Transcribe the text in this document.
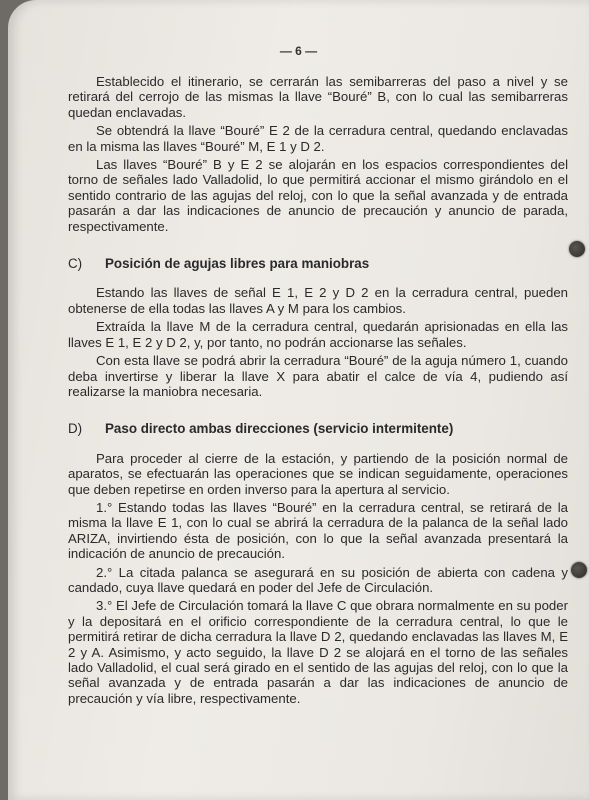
— 6 —

Establecido el itinerario, se cerrarán las semibarreras del paso a nivel y se retirará del cerrojo de las mismas la llave “Bouré” B, con lo cual las semibarreras quedan enclavadas.

Se obtendrá la llave “Bouré” E 2 de la cerradura central, quedando enclavadas en la misma las llaves “Bouré” M, E 1 y D 2.

Las llaves “Bouré” B y E 2 se alojarán en los espacios correspondientes del torno de señales lado Valladolid, lo que permitirá accionar el mismo girándolo en el sentido contrario de las agujas del reloj, con lo que la señal avanzada y de entrada pasarán a dar las indicaciones de anuncio de precaución y anuncio de parada, respectivamente.

C) Posición de agujas libres para maniobras

Estando las llaves de señal E 1, E 2 y D 2 en la cerradura central, pueden obtenerse de ella todas las llaves A y M para los cambios.

Extraída la llave M de la cerradura central, quedarán aprisionadas en ella las llaves E 1, E 2 y D 2, y, por tanto, no podrán accionarse las señales.

Con esta llave se podrá abrir la cerradura “Bouré” de la aguja número 1, cuando deba invertirse y liberar la llave X para abatir el calce de vía 4, pudiendo así realizarse la maniobra necesaria.

D) Paso directo ambas direcciones (servicio intermitente)

Para proceder al cierre de la estación, y partiendo de la posición normal de aparatos, se efectuarán las operaciones que se indican seguidamente, operaciones que deben repetirse en orden inverso para la apertura al servicio.

1.° Estando todas las llaves “Bouré” en la cerradura central, se retirará de la misma la llave E 1, con lo cual se abrirá la cerradura de la palanca de la señal lado ARIZA, invirtiendo ésta de posición, con lo que la señal avanzada presentará la indicación de anuncio de precaución.

2.° La citada palanca se asegurará en su posición de abierta con cadena y candado, cuya llave quedará en poder del Jefe de Circulación.

3.° El Jefe de Circulación tomará la llave C que obrara normalmente en su poder y la depositará en el orificio correspondiente de la cerradura central, lo que le permitirá retirar de dicha cerradura la llave D 2, quedando enclavadas las llaves M, E 2 y A. Asimismo, y acto seguido, la llave D 2 se alojará en el torno de las señales lado Valladolid, el cual será girado en el sentido de las agujas del reloj, con lo que la señal avanzada y de entrada pasarán a dar las indicaciones de anuncio de precaución y vía libre, respectivamente.
